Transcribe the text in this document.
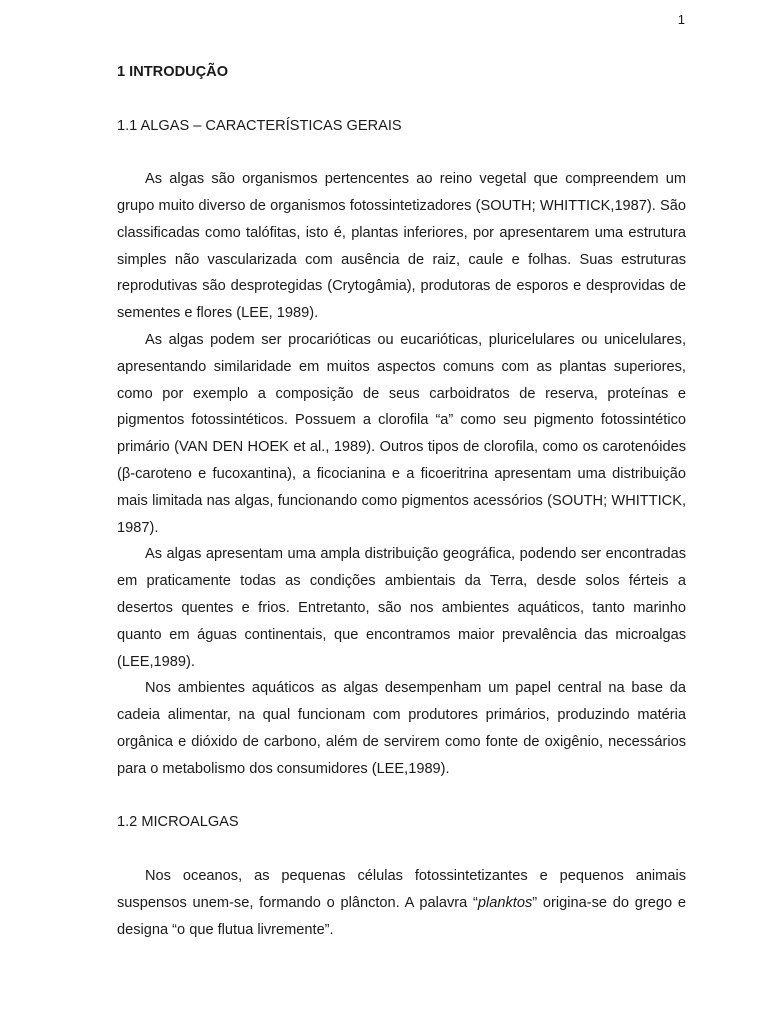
1

1 INTRODUÇÃO

1.1 ALGAS – CARACTERÍSTICAS GERAIS

As algas são organismos pertencentes ao reino vegetal que compreendem um grupo muito diverso de organismos fotossintetizadores (SOUTH; WHITTICK,1987). São classificadas como talófitas, isto é, plantas inferiores, por apresentarem uma estrutura simples não vascularizada com ausência de raiz, caule e folhas. Suas estruturas reprodutivas são desprotegidas (Crytogâmia), produtoras de esporos e desprovidas de sementes e flores (LEE, 1989).

As algas podem ser procarióticas ou eucarióticas, pluricelulares ou unicelulares, apresentando similaridade em muitos aspectos comuns com as plantas superiores, como por exemplo a composição de seus carboidratos de reserva, proteínas e pigmentos fotossintéticos. Possuem a clorofila “a” como seu pigmento fotossintético primário (VAN DEN HOEK et al., 1989). Outros tipos de clorofila, como os carotenóides (β-caroteno e fucoxantina), a ficocianina e a ficoeritrina apresentam uma distribuição mais limitada nas algas, funcionando como pigmentos acessórios (SOUTH; WHITTICK, 1987).

As algas apresentam uma ampla distribuição geográfica, podendo ser encontradas em praticamente todas as condições ambientais da Terra, desde solos férteis a desertos quentes e frios. Entretanto, são nos ambientes aquáticos, tanto marinho quanto em águas continentais, que encontramos maior prevalência das microalgas (LEE,1989).

Nos ambientes aquáticos as algas desempenham um papel central na base da cadeia alimentar, na qual funcionam com produtores primários, produzindo matéria orgânica e dióxido de carbono, além de servirem como fonte de oxigênio, necessários para o metabolismo dos consumidores (LEE,1989).

1.2 MICROALGAS

Nos oceanos, as pequenas células fotossintetizantes e pequenos animais suspensos unem-se, formando o plâncton. A palavra “planktos” origina-se do grego e designa “o que flutua livremente”.
